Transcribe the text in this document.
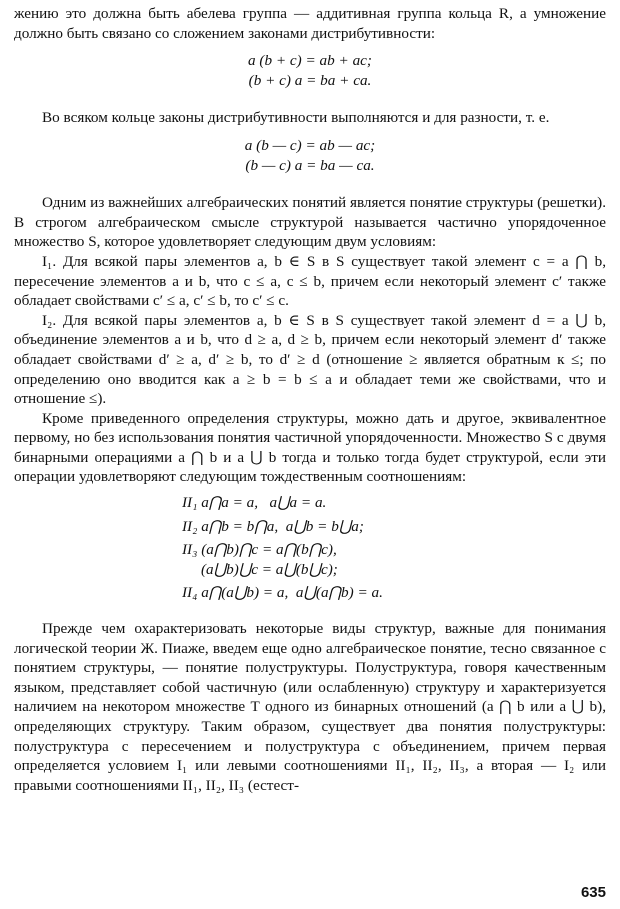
жению это должна быть абелева группа — аддитивная группа кольца R, а умножение должно быть связано со сложением законами дистрибутивности:

a (b + c) = ab + ac;

(b + c) a = ba + ca.

Во всяком кольце законы дистрибутивности выполняются и для разности, т. е.

a (b — c) = ab — ac;

(b — c) a = ba — ca.

Одним из важнейших алгебраических понятий является понятие структуры (решетки). В строгом алгебраическом смысле структурой называется частично упорядоченное множество S, которое удовлетворяет следующим двум условиям:

I₁. Для всякой пары элементов a, b ∈ S в S существует такой элемент c = a ⋂ b, пересечение элементов a и b, что c ≤ a, c ≤ b, причем если некоторый элемент c′ также обладает свойствами c′ ≤ a, c′ ≤ b, то c′ ≤ c.

I₂. Для всякой пары элементов a, b ∈ S в S существует такой элемент d = a ⋃ b, объединение элементов a и b, что d ≥ a, d ≥ b, причем если некоторый элемент d′ также обладает свойствами d′ ≥ a, d′ ≥ b, то d′ ≥ d (отношение ≥ является обратным к ≤; по определению оно вводится как a ≥ b = b ≤ a и обладает теми же свойствами, что и отношение ≤).

Кроме приведенного определения структуры, можно дать и другое, эквивалентное первому, но без использования понятия частичной упорядоченности. Множество S с двумя бинарными операциями a ⋂ b и a ⋃ b тогда и только тогда будет структурой, если эти операции удовлетворяют следующим тождественным соотношениям:

II₁ a⋂a = a,   a⋃a = a.
II₂ a⋂b = b⋂a,  a⋃b = b⋃a;
II₃ (a⋂b)⋂c = a⋂(b⋂c),
(a⋃b)⋃c = a⋃(b⋃c);
II₄ a⋂(a⋃b) = a,  a⋃(a⋂b) = a.

Прежде чем охарактеризовать некоторые виды структур, важные для понимания логической теории Ж. Пиаже, введем еще одно алгебраическое понятие, тесно связанное с понятием структуры, — понятие полуструктуры. Полуструктура, говоря качественным языком, представляет собой частичную (или ослабленную) структуру и характеризуется наличием на некотором множестве T одного из бинарных отношений (a ⋂ b или a ⋃ b), определяющих структуру. Таким образом, существует два понятия полуструктуры: полуструктура с пересечением и полуструктура с объединением, причем первая определяется условием I₁ или левыми соотношениями II₁, II₂, II₃, а вторая — I₂ или правыми соотношениями II₁, II₂, II₃ (естест-

635
